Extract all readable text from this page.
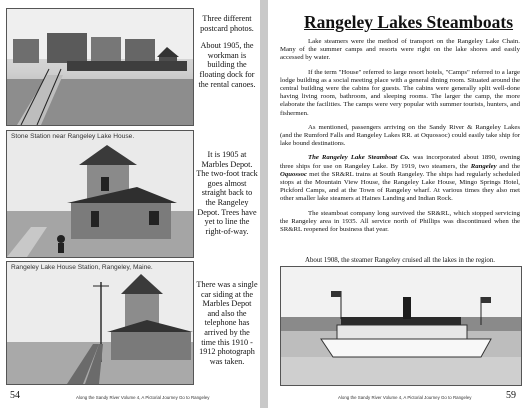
Stone Station near Rangeley Lake House.
Rangeley Lake House Station, Rangeley, Maine.

Three different postcard photos.

About 1905, the workman is building the floating dock for the rental canoes.

It is 1905 at Marbles Depot. The two-foot track goes almost straight back to the Rangeley Depot. Trees have yet to line the right-of-way.

There was a single car siding at the Marbles Depot and also the telephone has arrived by the time this 1910 - 1912 photograph was taken.

54	Along the Sandy River Volume 4, A Pictorial Journey Go to Rangeley
Rangeley Lakes Steamboats

Lake steamers were the method of transport on the Rangeley Lake Chain. Many of the summer camps and resorts were right on the lake shores and easily accessed by water.

If the term "House" referred to large resort hotels, "Camps" referred to a large lodge building as a social meeting place with a general dining room. Situated around the central building were the cabins for guests. The cabins were generally split well-done having living room, bathroom, and sleeping rooms. The larger the camp, the more elaborate the facilities. The camps were very popular with summer tourists, hunters, and fishermen.

As mentioned, passengers arriving on the Sandy River & Rangeley Lakes (and the Rumford Falls and Rangeley Lakes RR. at Oquossoc) could easily take ship for lake bound destinations.

The Rangeley Lake Steamboat Co. was incorporated about 1890, owning three ships for use on Rangeley Lake. By 1919, two steamers, the Rangeley and the Oquossoc met the SR&RL trains at South Rangeley. The ships had regularly scheduled stops at the Mountain View House, the Rangeley Lake House, Mingo Springs Hotel, Pickford Camps, and at the Town of Rangeley wharf. At various times they also met other smaller lake steamers at Haines Landing and Indian Rock.

The steamboat company long survived the SR&RL, which stopped servicing the Rangeley area in 1935. All service north of Phillips was discontinued when the SR&RL reopened for business that year.

About 1908, the steamer Rangeley cruised all the lakes in the region.
Along the Sandy River Volume 4, A Pictorial Journey Go to Rangeley	59
